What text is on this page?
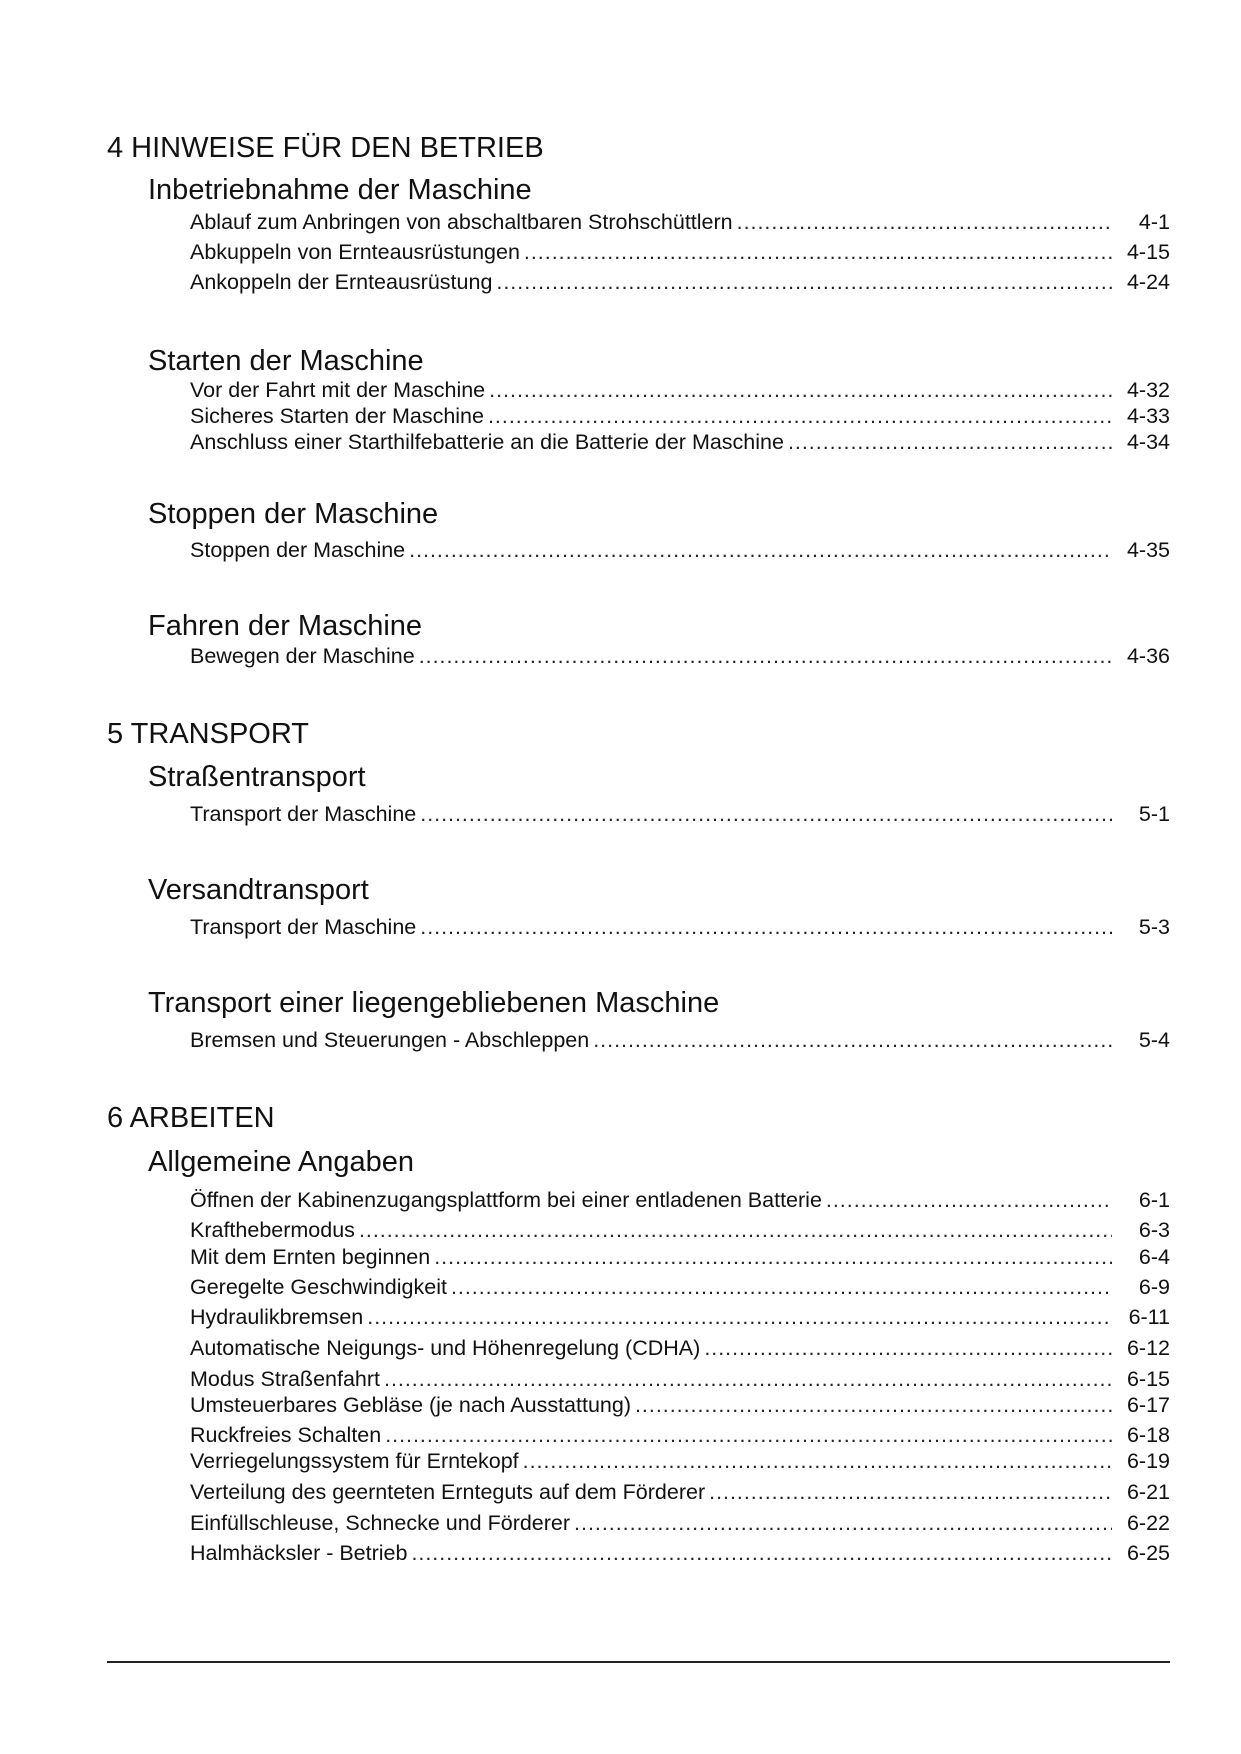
4 HINWEISE FÜR DEN BETRIEB
Inbetriebnahme der Maschine
Ablauf zum Anbringen von abschaltbaren Strohschüttlern . . .	4-1
Abkuppeln von Ernteausrüstungen . . .	4-15
Ankoppeln der Ernteausrüstung . . .	4-24
Starten der Maschine
Vor der Fahrt mit der Maschine . . .	4-32
Sicheres Starten der Maschine . . .	4-33
Anschluss einer Starthilfebatterie an die Batterie der Maschine . . .	4-34
Stoppen der Maschine
Stoppen der Maschine . . .	4-35
Fahren der Maschine
Bewegen der Maschine . . .	4-36
5 TRANSPORT
Straßentransport
Transport der Maschine . . .	5-1
Versandtransport
Transport der Maschine . . .	5-3
Transport einer liegengebliebenen Maschine
Bremsen und Steuerungen - Abschleppen . . .	5-4
6 ARBEITEN
Allgemeine Angaben
Öffnen der Kabinenzugangsplattform bei einer entladenen Batterie . . .	6-1
Krafthebermodus . . .	6-3
Mit dem Ernten beginnen . . .	6-4
Geregelte Geschwindigkeit . . .	6-9
Hydraulikbremsen . . .	6-11
Automatische Neigungs- und Höhenregelung (CDHA) . . .	6-12
Modus Straßenfahrt . . .	6-15
Umsteuerbares Gebläse (je nach Ausstattung) . . .	6-17
Ruckfreies Schalten . . .	6-18
Verriegelungssystem für Erntekopf . . .	6-19
Verteilung des geernteten Ernteguts auf dem Förderer . . .	6-21
Einfüllschleuse, Schnecke und Förderer . . .	6-22
Halmhäcksler - Betrieb . . .	6-25
